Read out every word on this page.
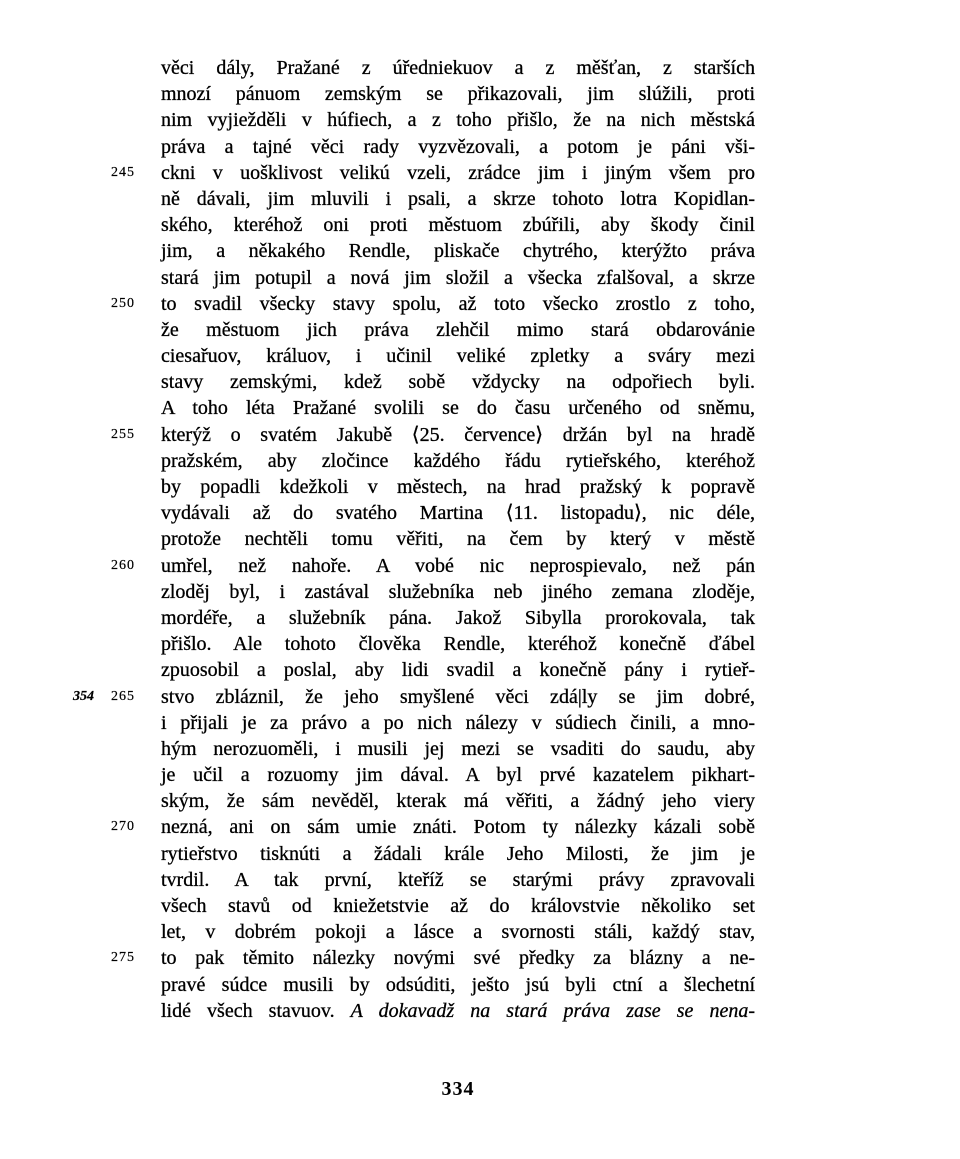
věci dály, Pražané z úředniekuov a z měšťan, z starších
mnozí pánuom zemským se přikazovali, jim slúžili, proti
nim vyjiežděli v húfiech, a z toho přišlo, že na nich městská
práva a tajné věci rady vyzvězovali, a potom je páni vši-
245 ckni v uošklivost velikú vzeli, zrádce jim i jiným všem pro
ně dávali, jim mluvili i psali, a skrze tohoto lotra Kopidlan-
ského, kteréhož oni proti městuom zbúřili, aby škody činil
jim, a někakého Rendle, pliskače chytrého, kterýžto práva
stará jim potupil a nová jim složil a všecka zfalšoval, a skrze
250 to svadil všecky stavy spolu, až toto všecko zrostlo z toho,
že městuom jich práva zlehčil mimo stará obdarovánie
ciesařuov, králuov, i učinil veliké zpletky a sváry mezi
stavy zemskými, kdež sobě vždycky na odpořiech byli.
A toho léta Pražané svolili se do času určeného od sněmu,
255 kterýž o svatém Jakubě ⟨25. července⟩ držán byl na hradě
pražském, aby zločince každého řádu rytieřského, kteréhož
by popadli kdežkoli v městech, na hrad pražský k popravě
vydávali až do svatého Martina ⟨11. listopadu⟩, nic déle,
protože nechtěli tomu věřiti, na čem by který v městě
260 umřel, než nahoře. A vobé nic neprospievalo, než pán
zloděj byl, i zastával služebníka neb jiného zemana zloděje,
mordéře, a služebník pána. Jakož Sibylla prorokovala, tak
přišlo. Ale tohoto člověka Rendle, kteréhož konečně ďábel
zpuosobil a poslal, aby lidi svadil a konečně pány i rytieř-
354	265 stvo zbláznil, že jeho smyšlené věci zdá|ly se jim dobré,
i přijali je za právo a po nich nálezy v súdiech činili, a mno-
hým nerozuoměli, i musili jej mezi se vsaditi do saudu, aby
je učil a rozuomy jim dával. A byl prvé kazatelem pikhart-
ským, že sám nevěděl, kterak má věřiti, a žádný jeho viery
270 nezná, ani on sám umie znáti. Potom ty nálezky kázali sobě
rytieřstvo tisknúti a žádali krále Jeho Milosti, že jim je
tvrdil. A tak první, kteříž se starými právy zpravovali
všech stavů od kniežetstvie až do královstvie několiko set
let, v dobrém pokoji a lásce a svornosti stáli, každý stav,
275 to pak těmito nálezky novými své předky za blázny a ne-
pravé súdce musili by odsúditi, ješto jsú byli ctní a šlechetní
lidé všech stavuov. A dokavadž na stará práva zase se nena-
334
